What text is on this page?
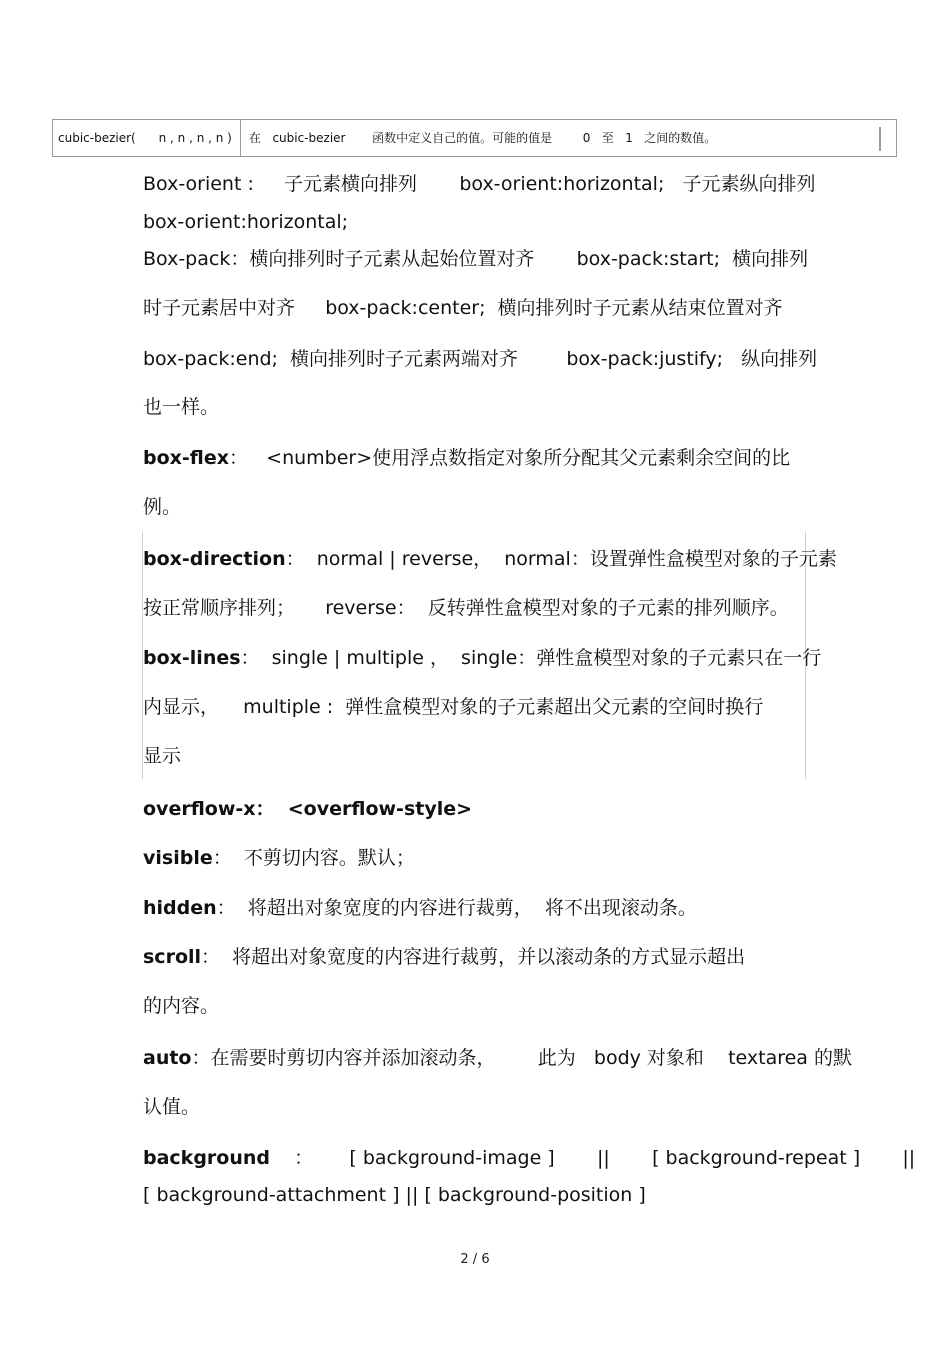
cubic-bezier(      n , n , n , n )	在   cubic-bezier       函数中定义自己的值。可能的值是        0   至   1   之间的数值。
Box-orient :     子元素横向排列       box-orient:horizontal;   子元素纵向排列
box-orient:horizontal;
Box-pack：横向排列时子元素从起始位置对齐       box-pack:start;  横向排列
时子元素居中对齐     box-pack:center;  横向排列时子元素从结束位置对齐
box-pack:end;  横向排列时子元素两端对齐        box-pack:justify;   纵向排列
也一样。
box-flex：   <number>使用浮点数指定对象所分配其父元素剩余空间的比
例。
box-direction：  normal | reverse，  normal：设置弹性盒模型对象的子元素
按正常顺序排列；     reverse：  反转弹性盒模型对象的子元素的排列顺序。
box-lines：  single | multiple ，  single：弹性盒模型对象的子元素只在一行
内显示，    multiple :  弹性盒模型对象的子元素超出父元素的空间时换行
显示
overflow-x：  <overflow-style>
visible：  不剪切内容。默认；
hidden：  将超出对象宽度的内容进行裁剪，  将不出现滚动条。
scroll：  将超出对象宽度的内容进行裁剪，并以滚动条的方式显示超出
的内容。
auto：在需要时剪切内容并添加滚动条，       此为   body 对象和    textarea 的默
认值。
background    ：      [ background-image ]       ||       [ background-repeat ]       ||
[ background-attachment ] || [ background-position ]
2 / 6
